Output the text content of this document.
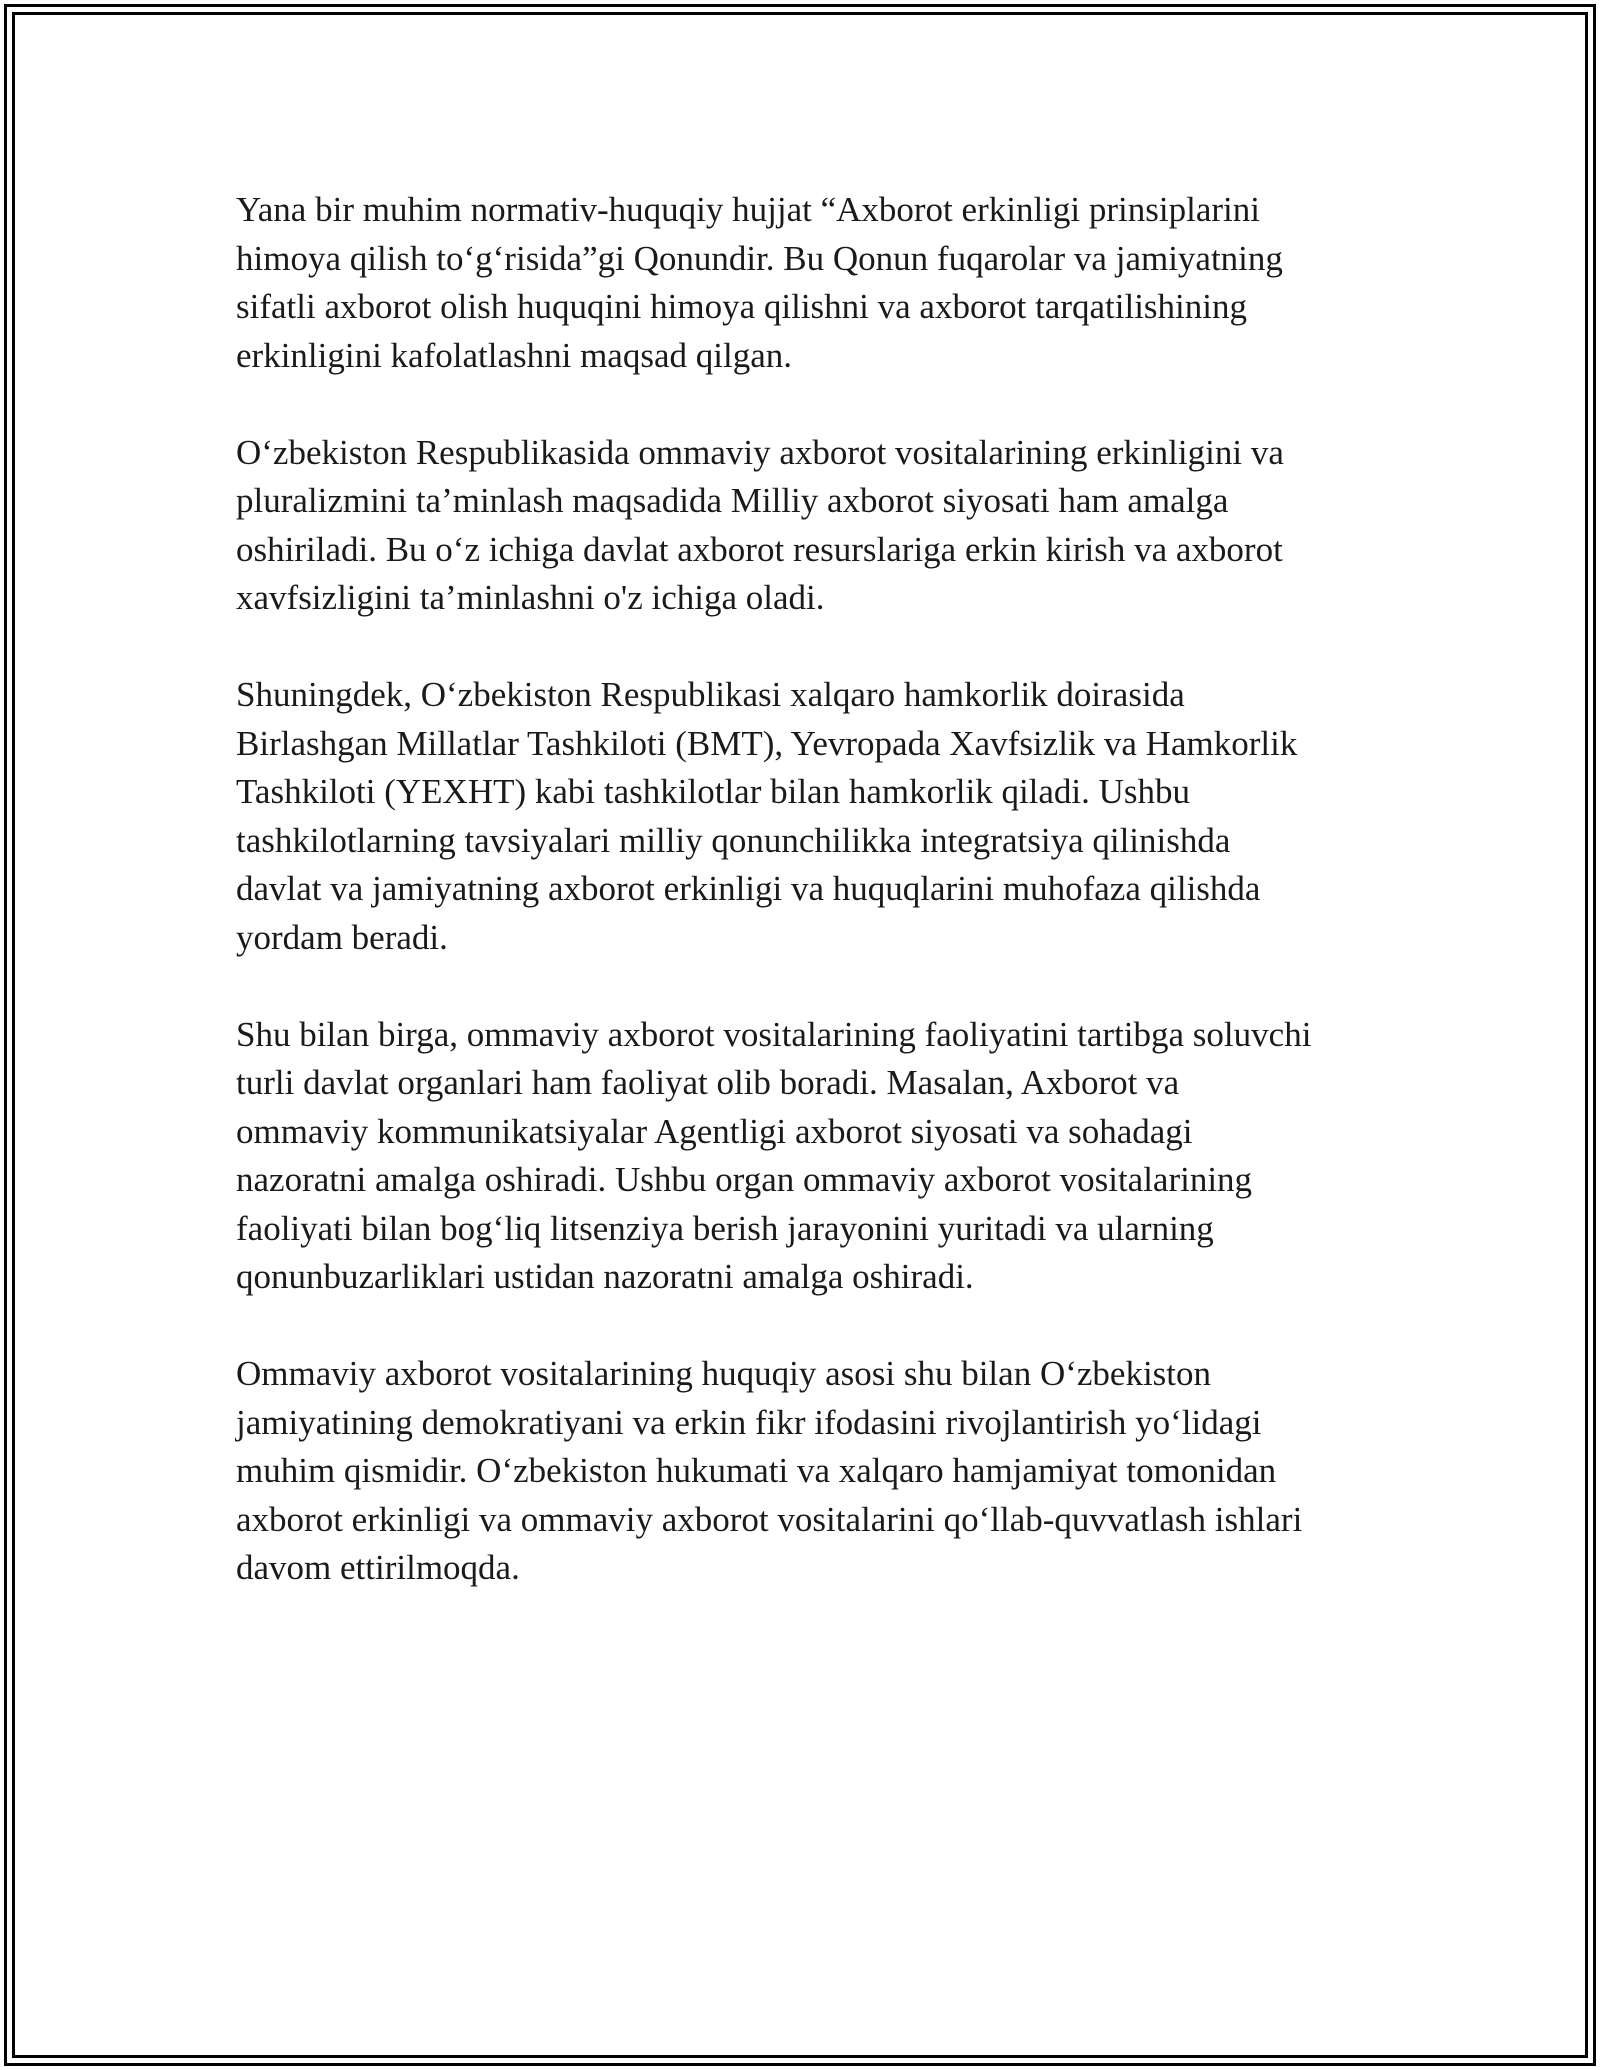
Yana bir muhim normativ-huquqiy hujjat “Axborot erkinligi prinsiplarini
himoya qilish to‘g‘risida”gi Qonundir. Bu Qonun fuqarolar va jamiyatning
sifatli axborot olish huquqini himoya qilishni va axborot tarqatilishining
erkinligini kafolatlashni maqsad qilgan.

O‘zbekiston Respublikasida ommaviy axborot vositalarining erkinligini va
pluralizmini ta’minlash maqsadida Milliy axborot siyosati ham amalga
oshiriladi. Bu o‘z ichiga davlat axborot resurslariga erkin kirish va axborot
xavfsizligini ta’minlashni o'z ichiga oladi.

Shuningdek, O‘zbekiston Respublikasi xalqaro hamkorlik doirasida
Birlashgan Millatlar Tashkiloti (BMT), Yevropada Xavfsizlik va Hamkorlik
Tashkiloti (YEXHT) kabi tashkilotlar bilan hamkorlik qiladi. Ushbu
tashkilotlarning tavsiyalari milliy qonunchilikka integratsiya qilinishda
davlat va jamiyatning axborot erkinligi va huquqlarini muhofaza qilishda
yordam beradi.

Shu bilan birga, ommaviy axborot vositalarining faoliyatini tartibga soluvchi
turli davlat organlari ham faoliyat olib boradi. Masalan, Axborot va
ommaviy kommunikatsiyalar Agentligi axborot siyosati va sohadagi
nazoratni amalga oshiradi. Ushbu organ ommaviy axborot vositalarining
faoliyati bilan bog‘liq litsenziya berish jarayonini yuritadi va ularning
qonunbuzarliklari ustidan nazoratni amalga oshiradi.

Ommaviy axborot vositalarining huquqiy asosi shu bilan O‘zbekiston
jamiyatining demokratiyani va erkin fikr ifodasini rivojlantirish yo‘lidagi
muhim qismidir. O‘zbekiston hukumati va xalqaro hamjamiyat tomonidan
axborot erkinligi va ommaviy axborot vositalarini qo‘llab-quvvatlash ishlari
davom ettirilmoqda.
